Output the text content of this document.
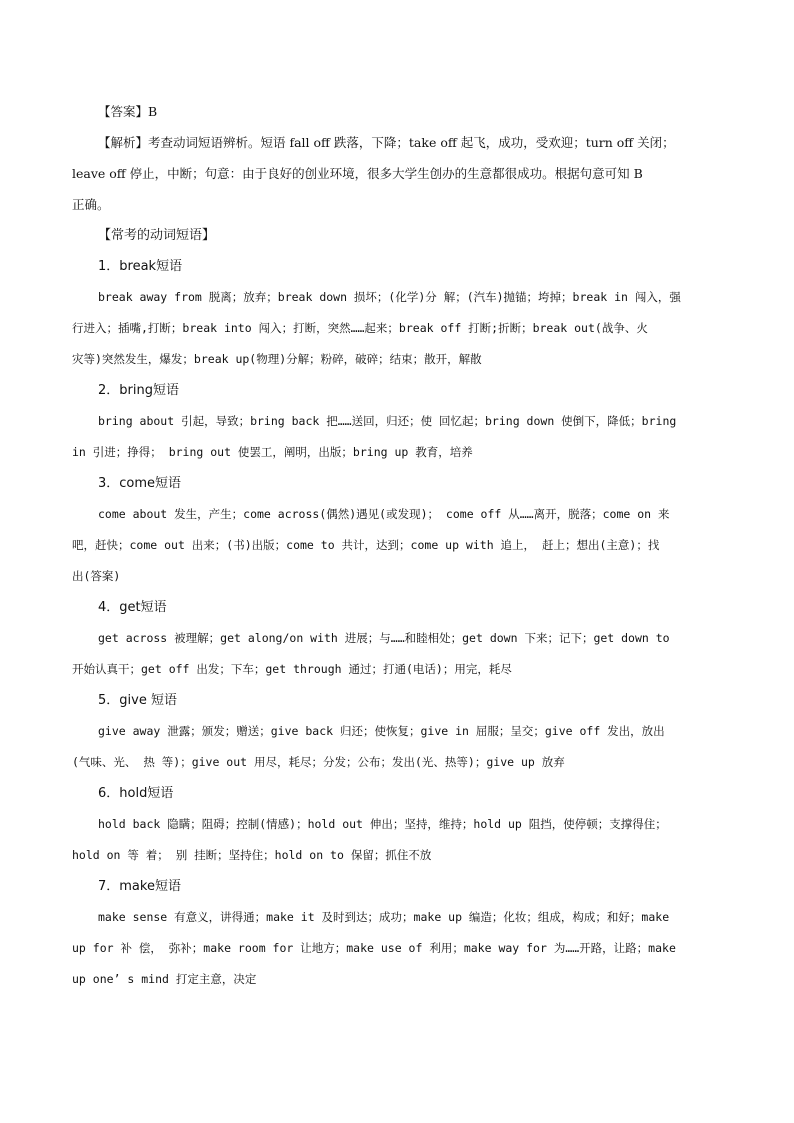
【答案】B
【解析】考查动词短语辨析。短语 fall off 跌落，下降；take off 起飞，成功，受欢迎；turn off 关闭；
leave off 停止，中断；句意：由于良好的创业环境，很多大学生创办的生意都很成功。根据句意可知 B
正确。
【常考的动词短语】
1．break短语
break away from 脱离；放弃；break down 损坏；(化学)分 解；(汽车)抛锚；垮掉；break in 闯入，强
行进入；插嘴,打断；break into 闯入；打断，突然……起来；break off 打断;折断；break out(战争、火
灾等)突然发生，爆发；break up(物理)分解；粉碎，破碎；结束；散开，解散
2．bring短语
bring about 引起，导致；bring back 把……送回，归还；使 回忆起；bring down 使倒下，降低；bring
in 引进；挣得； bring out 使罢工，阐明，出版；bring up 教育，培养
3．come短语
come about 发生，产生；come across(偶然)遇见(或发现)； come off 从……离开，脱落；come on 来
吧，赶快；come out 出来；(书)出版；come to 共计，达到；come up with 追上， 赶上；想出(主意)；找
出(答案)
4．get短语
get across 被理解；get along/on with 进展；与……和睦相处；get down 下来；记下；get down to
开始认真干；get off 出发；下车；get through 通过；打通(电话)；用完，耗尽
5．give 短语
give away 泄露；颁发；赠送；give back 归还；使恢复；give in 屈服；呈交；give off 发出，放出
(气味、光、 热 等)；give out 用尽，耗尽；分发；公布；发出(光、热等)；give up 放弃
6．hold短语
hold back 隐瞒；阻碍；控制(情感)；hold out 伸出；坚持，维持；hold up 阻挡，使停顿；支撑得住；
hold on 等 着； 别 挂断；坚持住；hold on to 保留；抓住不放
7．make短语
make sense 有意义，讲得通；make it 及时到达；成功；make up 编造；化妆；组成，构成；和好；make
up for 补 偿， 弥补；make room for 让地方；make use of 利用；make way for 为……开路，让路；make
up one’ s mind 打定主意，决定
